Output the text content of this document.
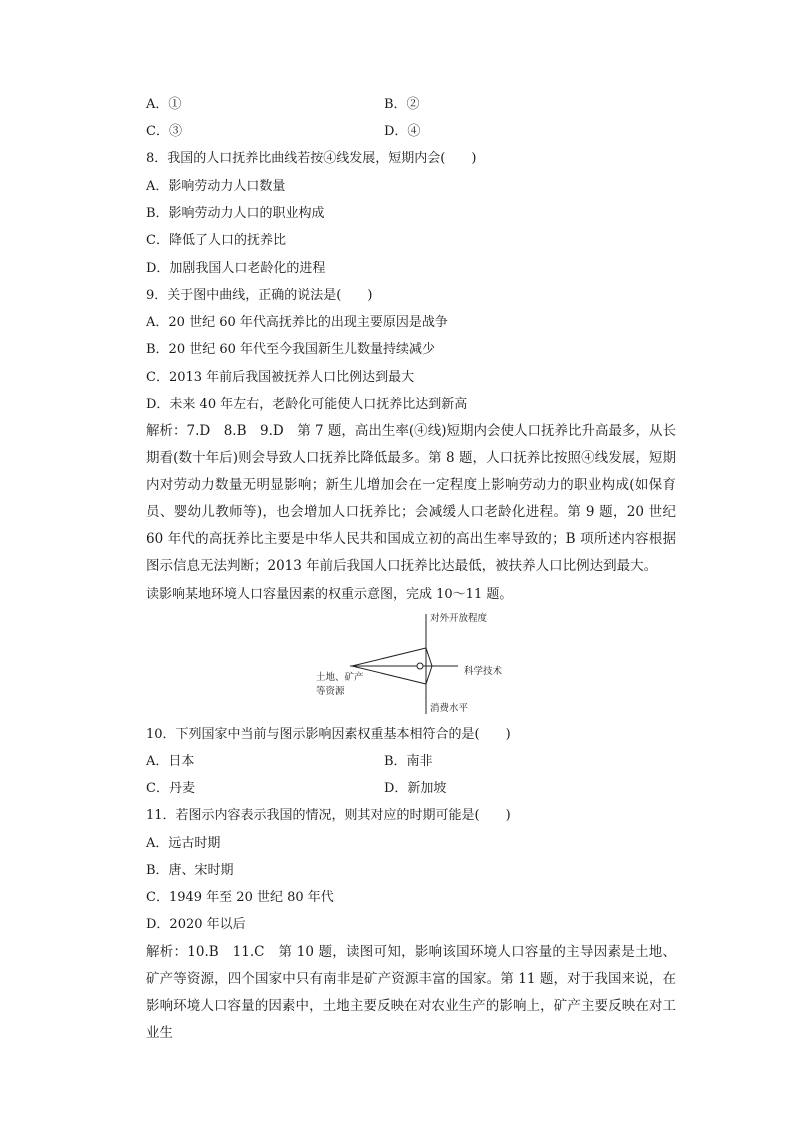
A．①	B．②
C．③	D．④
8．我国的人口抚养比曲线若按④线发展，短期内会(　　)
A．影响劳动力人口数量
B．影响劳动力人口的职业构成
C．降低了人口的抚养比
D．加剧我国人口老龄化的进程
9．关于图中曲线，正确的说法是(　　)
A．20 世纪 60 年代高抚养比的出现主要原因是战争
B．20 世纪 60 年代至今我国新生儿数量持续减少
C．2013 年前后我国被抚养人口比例达到最大
D．未来 40 年左右，老龄化可能使人口抚养比达到新高
解析：7.D　8.B　9.D　第 7 题，高出生率(④线)短期内会使人口抚养比升高最多，从长期看(数十年后)则会导致人口抚养比降低最多。第 8 题，人口抚养比按照④线发展，短期内对劳动力数量无明显影响；新生儿增加会在一定程度上影响劳动力的职业构成(如保育员、婴幼儿教师等)，也会增加人口抚养比；会减缓人口老龄化进程。第 9 题，20 世纪 60 年代的高抚养比主要是中华人民共和国成立初的高出生率导致的；B 项所述内容根据图示信息无法判断；2013 年前后我国人口抚养比达最低，被扶养人口比例达到最大。
读影响某地环境人口容量因素的权重示意图，完成 10～11 题。
对外开放程度
科学技术
土地、矿产
等资源
消费水平
10．下列国家中当前与图示影响因素权重基本相符合的是(　　)
A．日本	B．南非
C．丹麦	D．新加坡
11．若图示内容表示我国的情况，则其对应的时期可能是(　　)
A．远古时期
B．唐、宋时期
C．1949 年至 20 世纪 80 年代
D．2020 年以后
解析：10.B　11.C　第 10 题，读图可知，影响该国环境人口容量的主导因素是土地、矿产等资源，四个国家中只有南非是矿产资源丰富的国家。第 11 题，对于我国来说，在影响环境人口容量的因素中，土地主要反映在对农业生产的影响上，矿产主要反映在对工业生
